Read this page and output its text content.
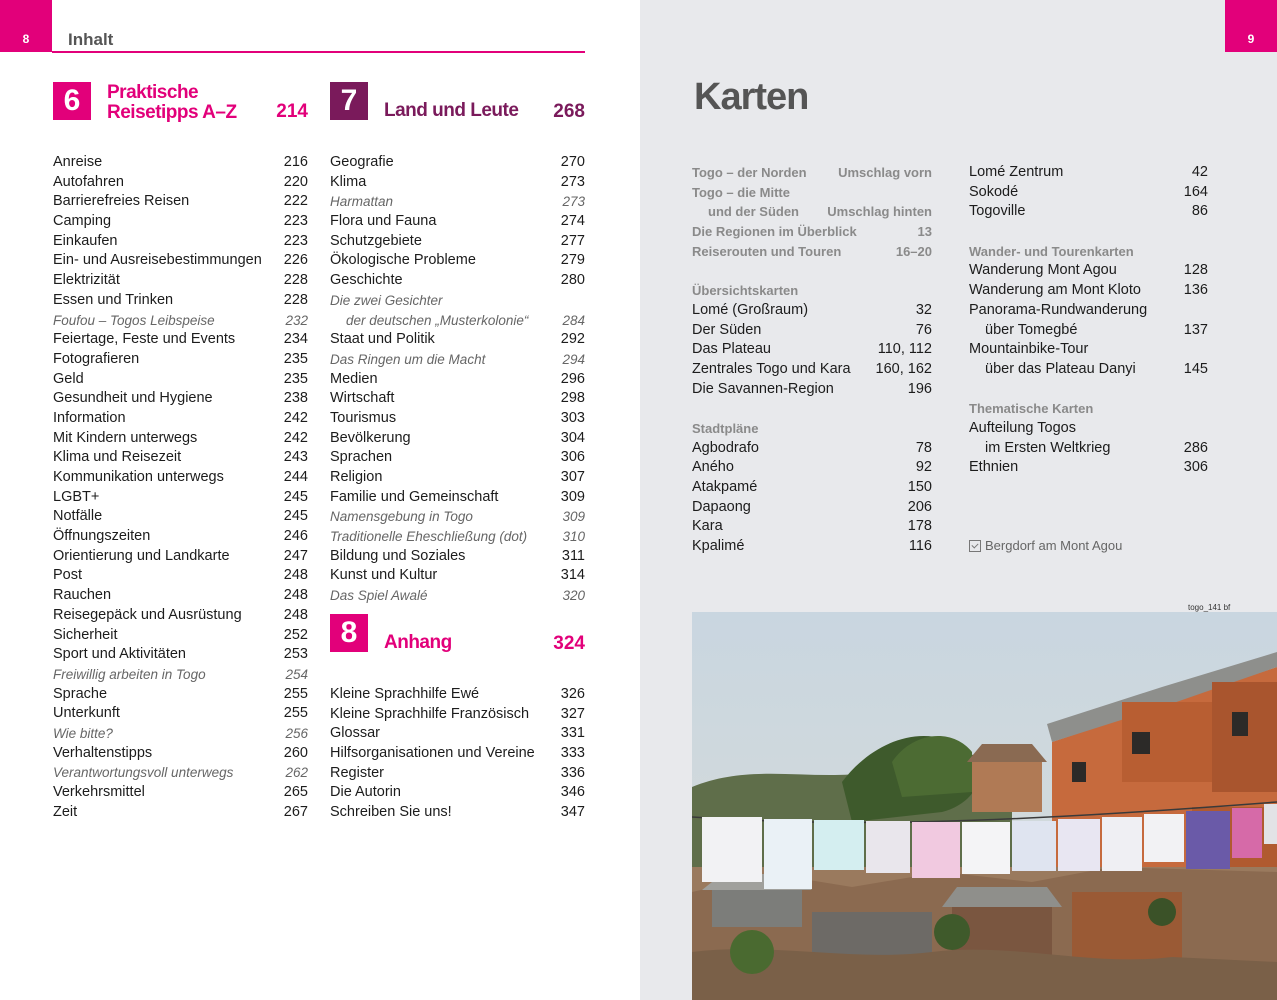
8	9
Inhalt
6	Praktische
Reisetipps A–Z 214
Anreise	216
Autofahren	220
Barrierefreies Reisen	222
Camping	223
Einkaufen	223
Ein- und Ausreisebestimmungen 226
Elektrizität	228
Essen und Trinken	228
Foufou – Togos Leibspeise	232
Feiertage, Feste und Events	234
Fotografieren	235
Geld	235
Gesundheit und Hygiene	238
Information	242
Mit Kindern unterwegs	242
Klima und Reisezeit	243
Kommunikation unterwegs	244
LGBT+	245
Notfälle	245
Öffnungszeiten	246
Orientierung und Landkarte	247
Post	248
Rauchen	248
Reisegepäck und Ausrüstung	248
Sicherheit	252
Sport und Aktivitäten	253
Freiwillig arbeiten in Togo	254
Sprache	255
Unterkunft	255
Wie bitte?	256
Verhaltenstipps	260
Verantwortungsvoll unterwegs	262
Verkehrsmittel	265
Zeit	267
7	Land und Leute 268
Geografie	270
Klima	273
Harmattan	273
Flora und Fauna	274
Schutzgebiete	277
Ökologische Probleme	279
Geschichte	280
Die zwei Gesichter
der deutschen „Musterkolonie“	284
Staat und Politik	292
Das Ringen um die Macht	294
Medien	296
Wirtschaft	298
Tourismus	303
Bevölkerung	304
Sprachen	306
Religion	307
Familie und Gemeinschaft	309
Namensgebung in Togo	309
Traditionelle Eheschließung (dot)	310
Bildung und Soziales	311
Kunst und Kultur	314
Das Spiel Awalé	320
8	Anhang	324
Kleine Sprachhilfe Ewé	326
Kleine Sprachhilfe Französisch 327
Glossar	331
Hilfsorganisationen und Vereine 333
Register	336
Die Autorin	346
Schreiben Sie uns!	347
Karten
Togo – der Norden Umschlag vorn
Togo – die Mitte
und der Süden Umschlag hinten
Die Regionen im Überblick	13
Reiserouten und Touren	16–20
Übersichtskarten
Lomé (Großraum)	32
Der Süden	76
Das Plateau	110, 112
Zentrales Togo und Kara 160, 162
Die Savannen-Region	196
Stadtpläne
Agbodrafo	78
Aného	92
Atakpamé	150
Dapaong	206
Kara	178
Kpalimé	116
Lomé Zentrum	42
Sokodé	164
Togoville	86
Wander- und Tourenkarten
Wanderung Mont Agou	128
Wanderung am Mont Kloto	136
Panorama-Rundwanderung
über Tomegbé	137
Mountainbike-Tour
über das Plateau Danyi	145
Thematische Karten
Aufteilung Togos
im Ersten Weltkrieg	286
Ethnien	306
Bergdorf am Mont Agou
togo_141 bf
